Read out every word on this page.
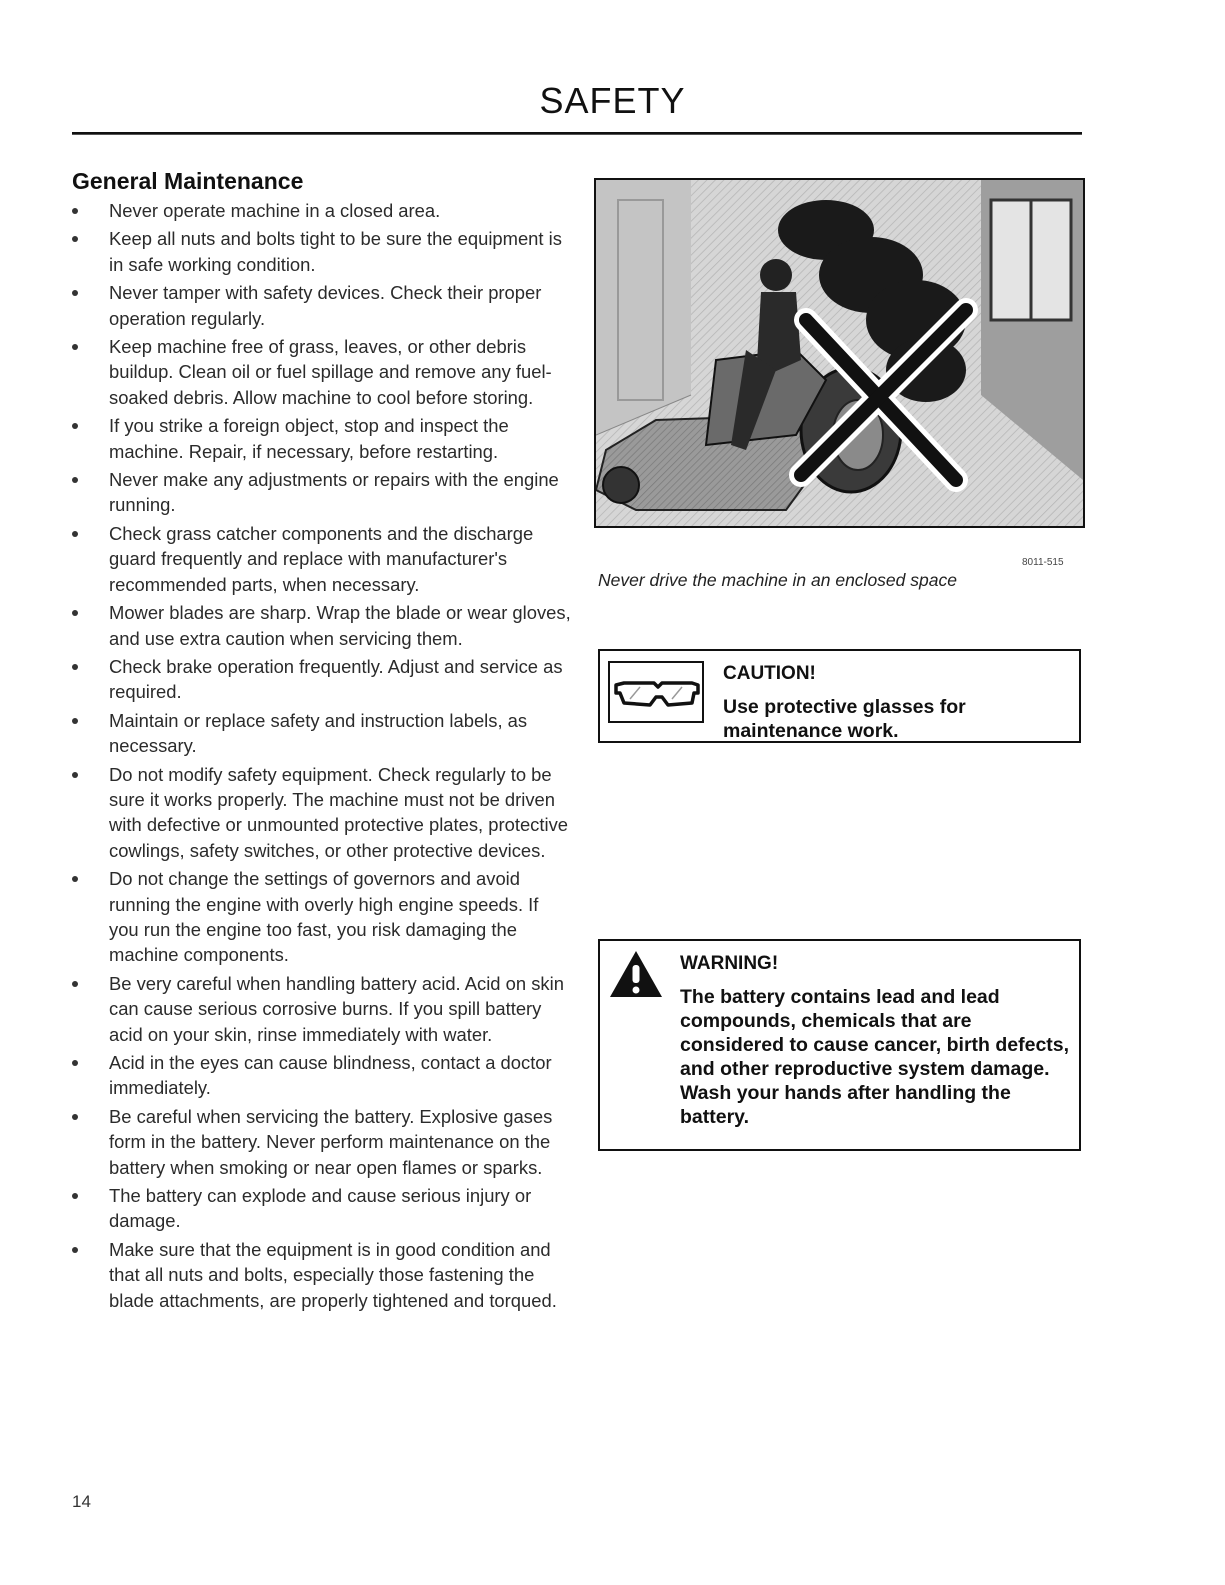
SAFETY
General Maintenance
Never operate machine in a closed area.
Keep all nuts and bolts tight to be sure the equipment is in safe working condition.
Never tamper with safety devices. Check their proper operation regularly.
Keep machine free of grass, leaves, or other debris buildup. Clean oil or fuel spillage and remove any fuel-soaked debris. Allow machine to cool before storing.
If you strike a foreign object, stop and inspect the machine. Repair, if necessary, before restarting.
Never make any adjustments or repairs with the engine running.
Check grass catcher components and the discharge guard frequently and replace with manufacturer's recommended parts, when necessary.
Mower blades are sharp. Wrap the blade or wear gloves, and use extra caution when servicing them.
Check brake operation frequently. Adjust and service as required.
Maintain or replace safety and instruction labels, as necessary.
Do not modify safety equipment. Check regularly to be sure it works properly. The machine must not be driven with defective or unmounted protective plates, protective cowlings, safety switches, or other protective devices.
Do not change the settings of governors and avoid running the engine with overly high engine speeds. If you run the engine too fast, you risk damaging the machine components.
Be very careful when handling battery acid. Acid on skin can cause serious corrosive burns. If you spill battery acid on your skin, rinse immediately with water.
Acid in the eyes can cause blindness, contact a doctor immediately.
Be careful when servicing the battery. Explosive gases form in the battery. Never perform maintenance on the battery when smoking or near open flames or sparks.
The battery can explode and cause serious injury or damage.
Make sure that the equipment is in good condition and that all nuts and bolts, especially those fastening the blade attachments, are properly tightened and torqued.
8011-515
Never drive the machine in an enclosed space
CAUTION!
Use protective glasses for maintenance work.
WARNING!
The battery contains lead and lead compounds, chemicals that are considered to cause cancer, birth defects, and other reproductive system damage. Wash your hands after handling the battery.
14
